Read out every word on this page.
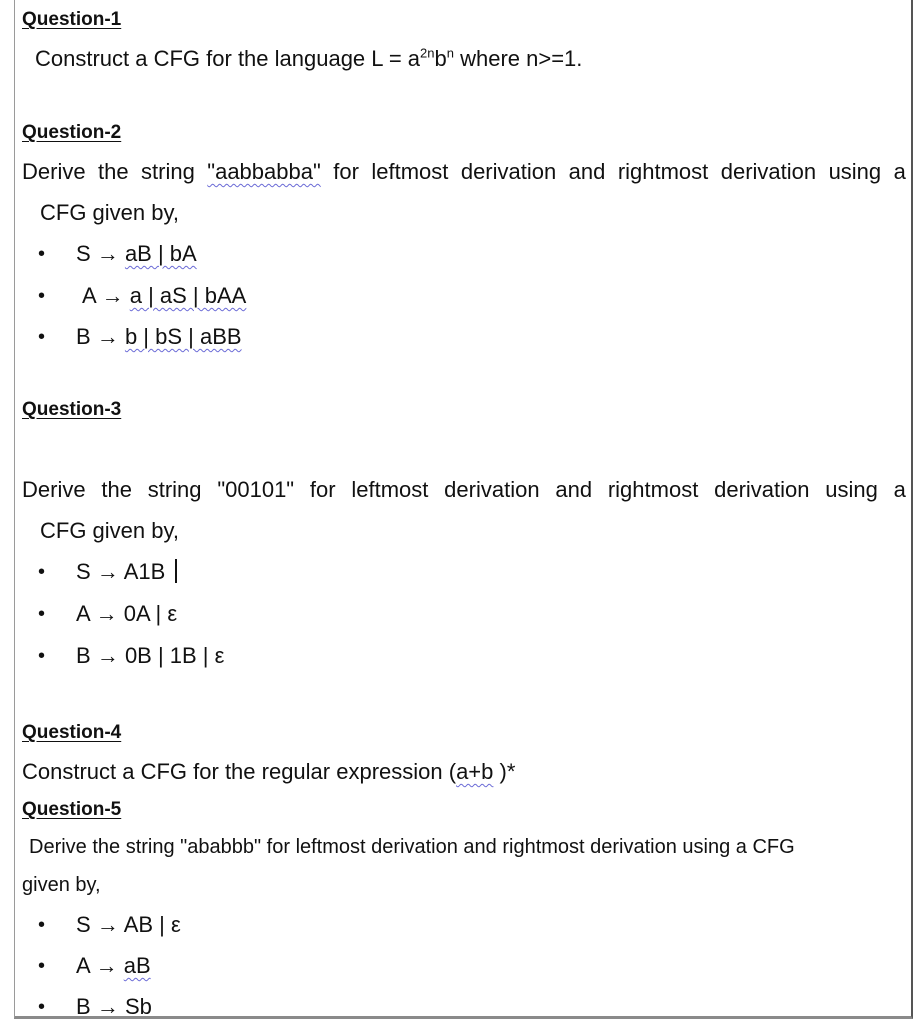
Question-1
Construct a CFG for the language $L = a^{2n}b^n$ where n>=1.
Question-2
Derive the string "aabbabba" for leftmost derivation and rightmost derivation using a
CFG given by,
• S → aB | bA
• A → a | aS | bAA
• B → b | bS | aBB
Question-3
Derive the string "00101" for leftmost derivation and rightmost derivation using a
CFG given by,
• S → A1B
• A → 0A | ε
• B → 0B | 1B | ε
Question-4
Construct a CFG for the regular expression (a+b )*
Question-5
Derive the string "ababbb" for leftmost derivation and rightmost derivation using a CFG
given by,
• S → AB | ε
• A → aB
• B → Sb
